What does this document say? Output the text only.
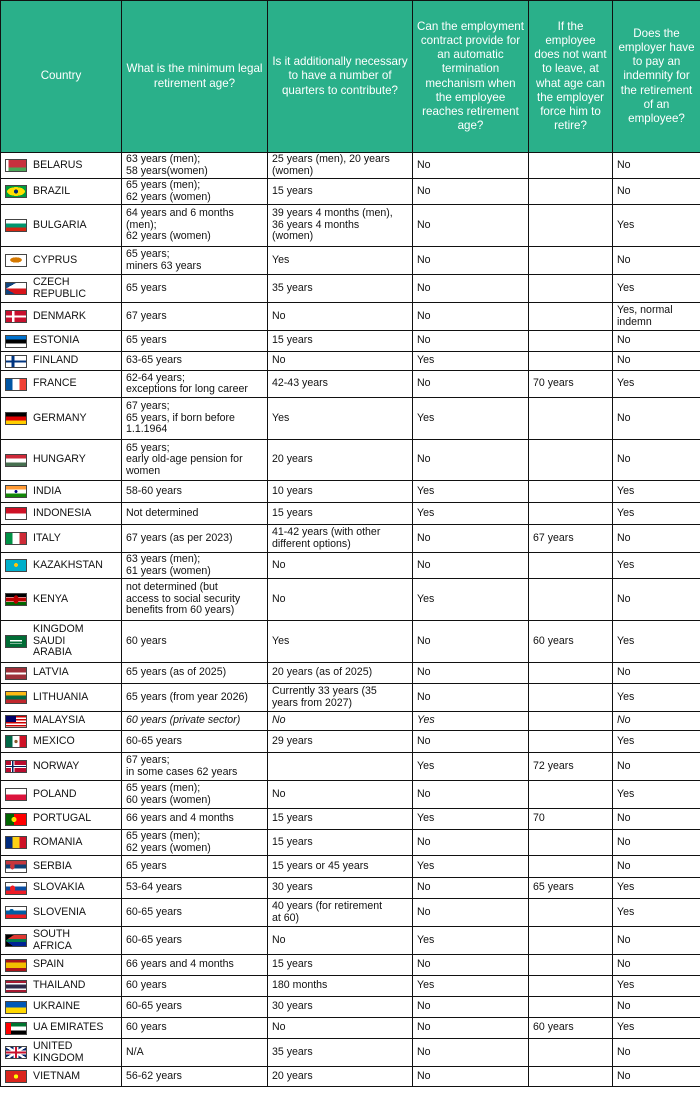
Country	What is the minimum legal retirement age?	Is it additionally necessary to have a number of quarters to contribute?	Can the employment contract provide for an automatic termination mechanism when the employee reaches retirement age?	If the employee does not want to leave, at what age can the employer force him to retire?	Does the employer have to pay an indemnity for the retirement of an employee?

BELARUS	63 years (men);
58 years(women)	25 years (men), 20 years
(women)	No		No

BRAZIL	65 years (men);
62 years (women)	15 years	No		No

BULGARIA	64 years and 6 months
(men);
62 years (women)	39 years 4 months (men),
36 years 4 months
(women)	No		Yes

CYPRUS	65 years;
miners 63 years	Yes	No		No

CZECH
REPUBLIC	65 years	35 years	No		Yes

DENMARK	67 years	No	No		Yes, normal
indemn

ESTONIA	65 years	15 years	No		No

FINLAND	63-65 years	No	Yes		No

FRANCE	62-64 years;
exceptions for long career	42-43 years	No	70 years	Yes

GERMANY	67 years;
65 years, if born before
1.1.1964	Yes	Yes		No

HUNGARY	65 years;
early old-age pension for
women	20 years	No		No

INDIA	58-60 years	10 years	Yes		Yes

INDONESIA	Not determined	15 years	Yes		Yes

ITALY	67 years (as per 2023)	41-42 years (with other
different options)	No	67 years	No

KAZAKHSTAN	63 years (men);
61 years (women)	No	No		Yes

KENYA	not determined (but
access to social security
benefits from 60 years)	No	Yes		No

KINGDOM
SAUDI
ARABIA	60 years	Yes	No	60 years	Yes

LATVIA	65 years (as of 2025)	20 years (as of 2025)	No		No

LITHUANIA	65 years (from year 2026)	Currently 33 years (35
years from 2027)	No		Yes

MALAYSIA	60 years (private sector)	No	Yes		No

MEXICO	60-65 years	29 years	No		Yes

NORWAY	67 years;
in some cases 62 years		Yes	72 years	No

POLAND	65 years (men);
60 years (women)	No	No		Yes

PORTUGAL	66 years and 4 months	15 years	Yes	70	No

ROMANIA	65 years (men);
62 years (women)	15 years	No		No

SERBIA	65 years	15 years or 45 years	Yes		No

SLOVAKIA	53-64 years	30 years	No	65 years	Yes

SLOVENIA	60-65 years	40 years (for retirement
at 60)	No		Yes

SOUTH
AFRICA	60-65 years	No	Yes		No

SPAIN	66 years and 4 months	15 years	No		No

THAILAND	60 years	180 months	Yes		Yes

UKRAINE	60-65 years	30 years	No		No

UA EMIRATES	60 years	No	No	60 years	Yes

UNITED
KINGDOM	N/A	35 years	No		No

VIETNAM	56-62 years	20 years	No		No
